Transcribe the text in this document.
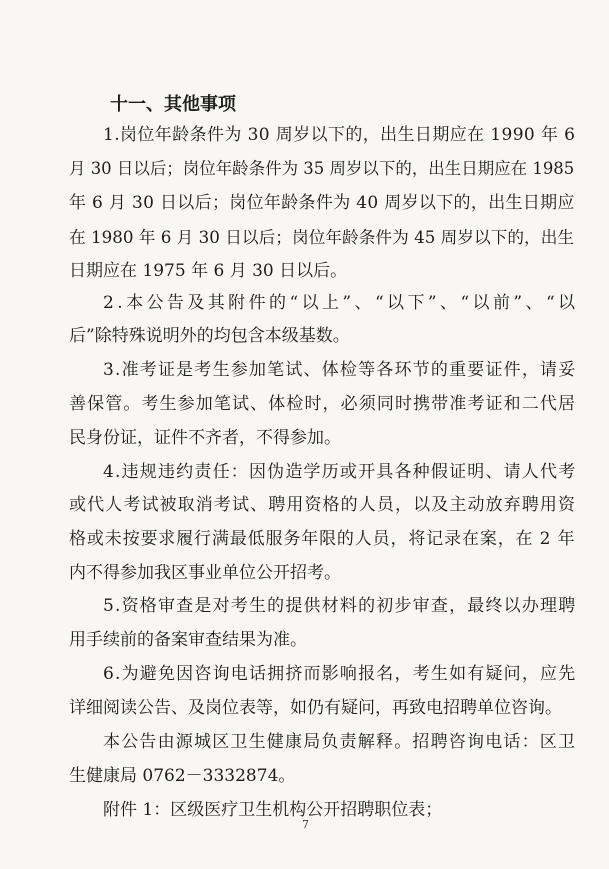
十一、其他事项
1.岗位年龄条件为 30 周岁以下的，出生日期应在 1990 年 6
月 30 日以后；岗位年龄条件为 35 周岁以下的，出生日期应在 1985
年 6 月 30 日以后；岗位年龄条件为 40 周岁以下的，出生日期应
在 1980 年 6 月 30 日以后；岗位年龄条件为 45 周岁以下的，出生
日期应在 1975 年 6 月 30 日以后。
2.本公告及其附件的“以上”、“以下”、“以前”、“以
后”除特殊说明外的均包含本级基数。
3.准考证是考生参加笔试、体检等各环节的重要证件，请妥
善保管。考生参加笔试、体检时，必须同时携带准考证和二代居
民身份证，证件不齐者，不得参加。
4.违规违约责任：因伪造学历或开具各种假证明、请人代考
或代人考试被取消考试、聘用资格的人员，以及主动放弃聘用资
格或未按要求履行满最低服务年限的人员，将记录在案，在 2 年
内不得参加我区事业单位公开招考。
5.资格审查是对考生的提供材料的初步审查，最终以办理聘
用手续前的备案审查结果为准。
6.为避免因咨询电话拥挤而影响报名，考生如有疑问，应先
详细阅读公告、及岗位表等，如仍有疑问，再致电招聘单位咨询。
本公告由源城区卫生健康局负责解释。招聘咨询电话：区卫
生健康局 0762－3332874。
附件 1：区级医疗卫生机构公开招聘职位表；
7
